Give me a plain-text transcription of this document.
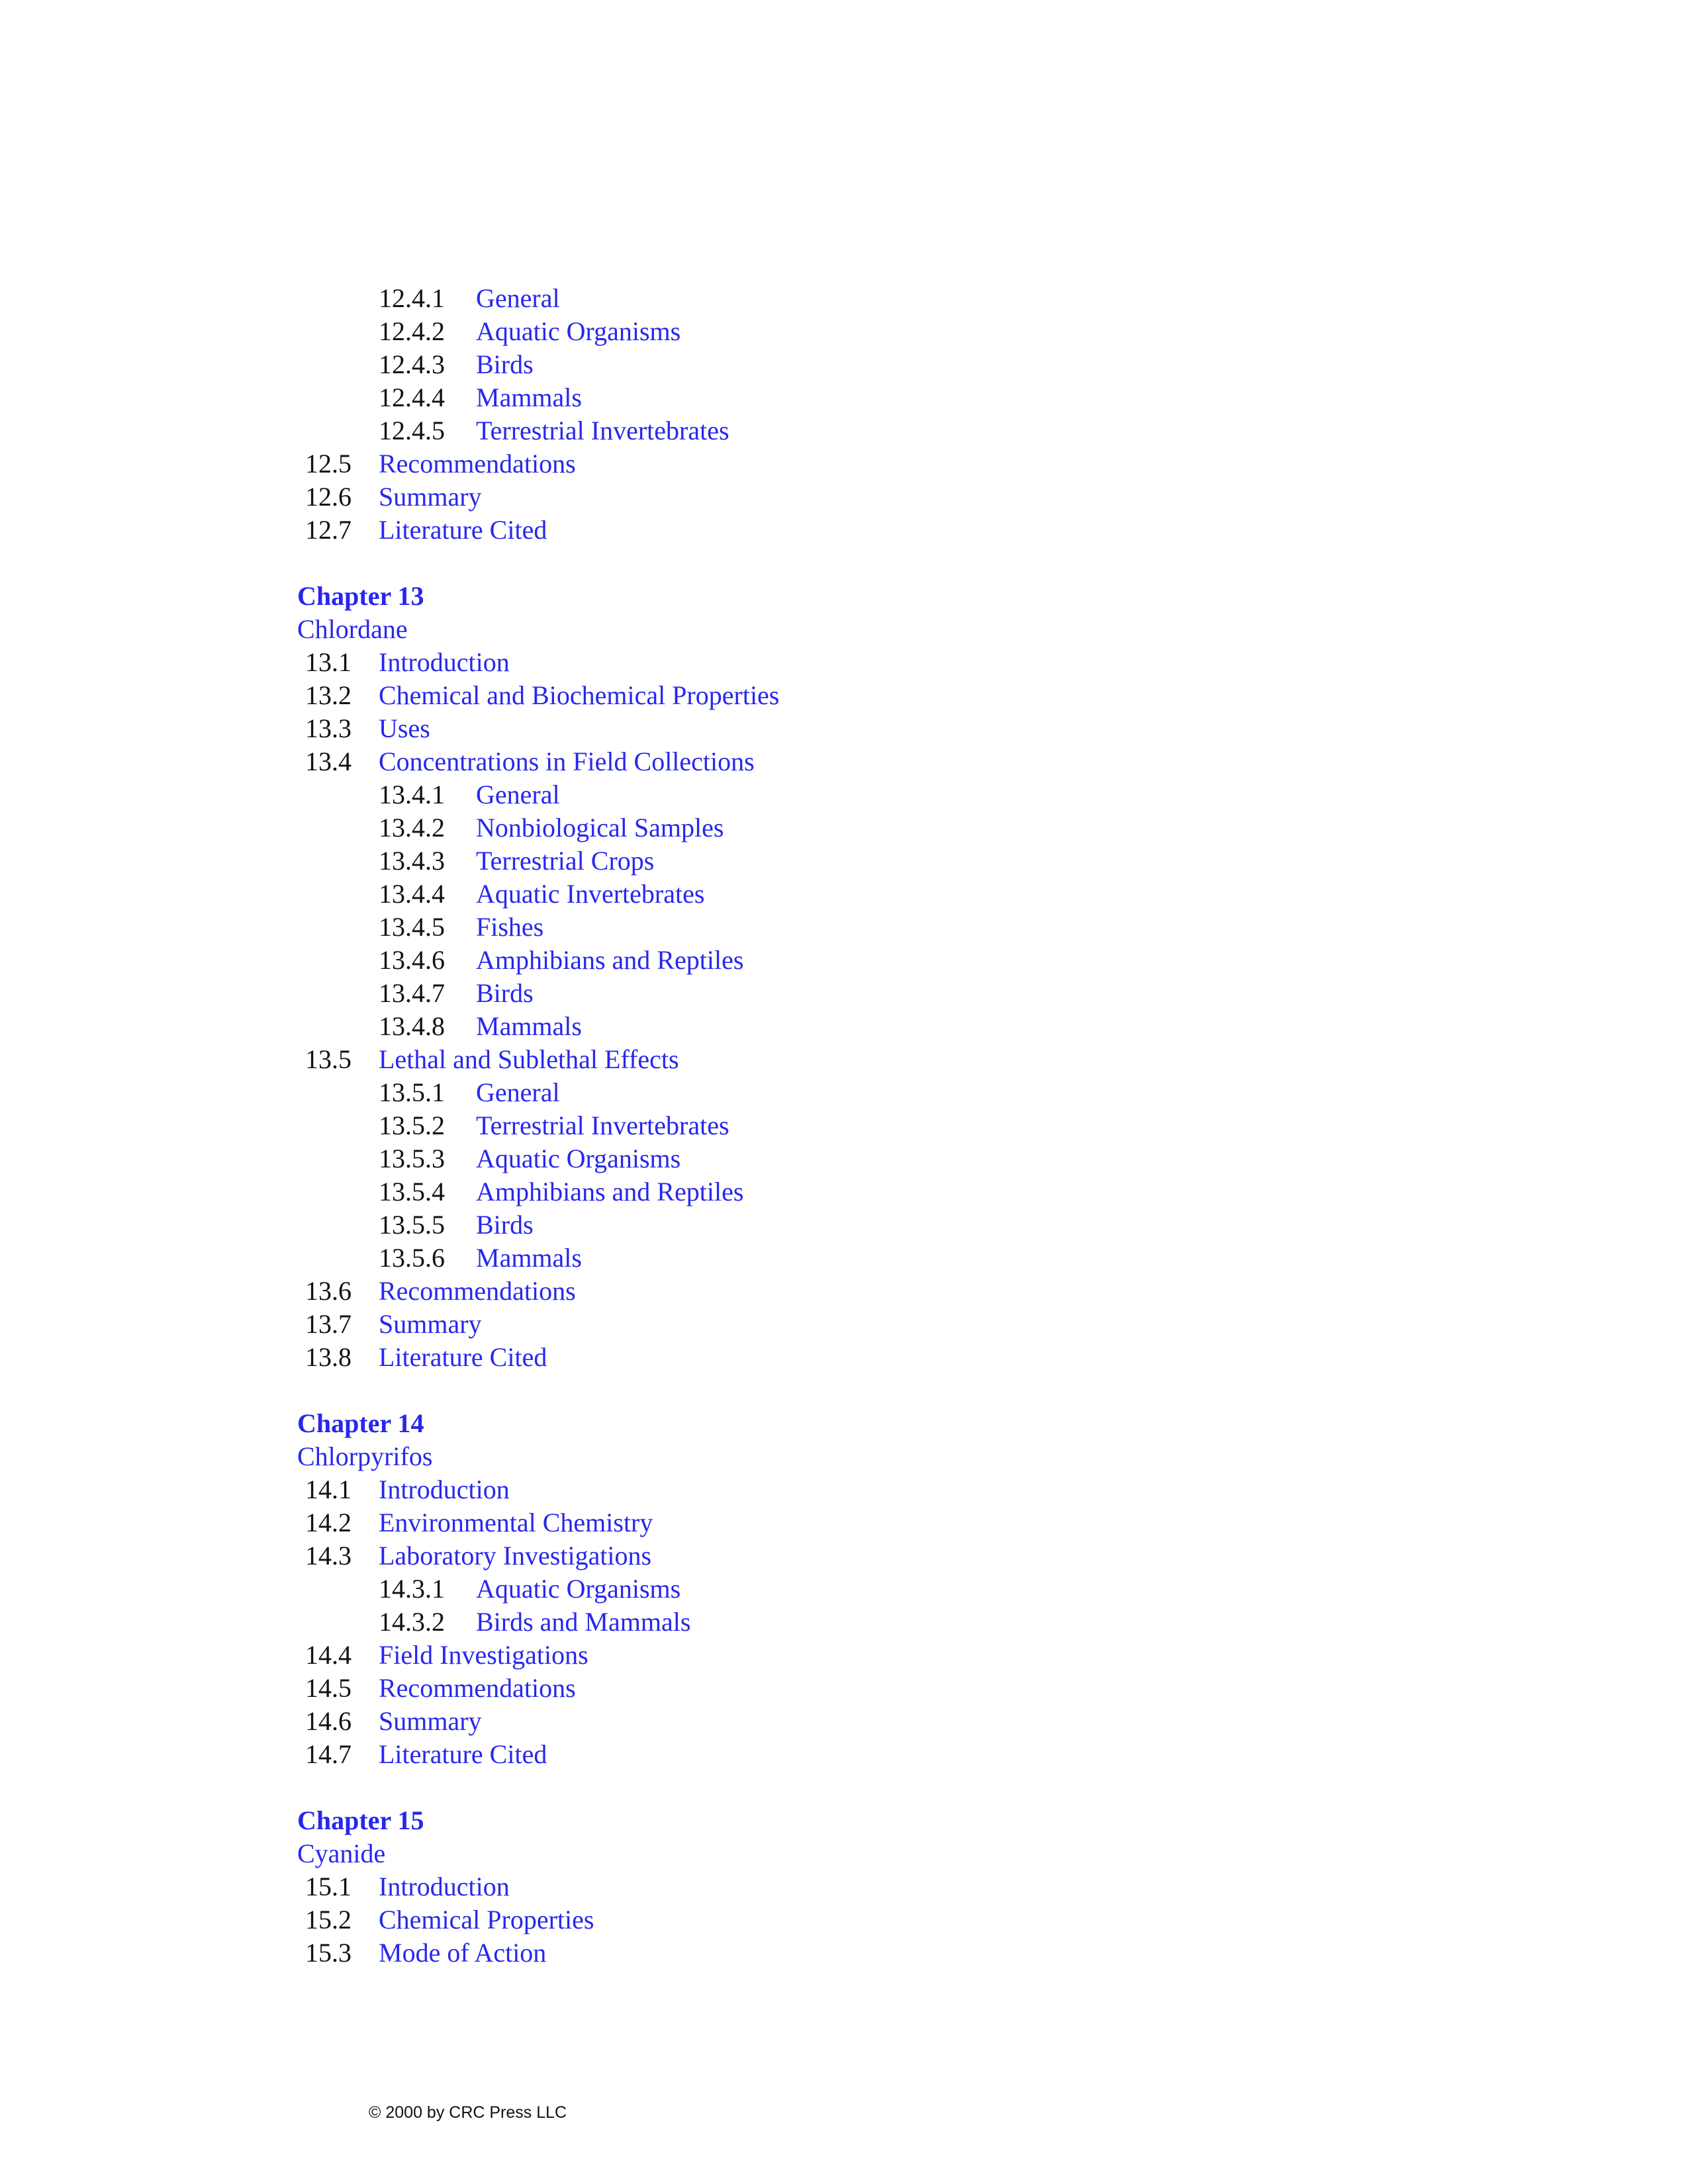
12.4.1 General
12.4.2 Aquatic Organisms
12.4.3 Birds
12.4.4 Mammals
12.4.5 Terrestrial Invertebrates
12.5 Recommendations
12.6 Summary
12.7 Literature Cited
Chapter 13
Chlordane
13.1 Introduction
13.2 Chemical and Biochemical Properties
13.3 Uses
13.4 Concentrations in Field Collections
13.4.1 General
13.4.2 Nonbiological Samples
13.4.3 Terrestrial Crops
13.4.4 Aquatic Invertebrates
13.4.5 Fishes
13.4.6 Amphibians and Reptiles
13.4.7 Birds
13.4.8 Mammals
13.5 Lethal and Sublethal Effects
13.5.1 General
13.5.2 Terrestrial Invertebrates
13.5.3 Aquatic Organisms
13.5.4 Amphibians and Reptiles
13.5.5 Birds
13.5.6 Mammals
13.6 Recommendations
13.7 Summary
13.8 Literature Cited
Chapter 14
Chlorpyrifos
14.1 Introduction
14.2 Environmental Chemistry
14.3 Laboratory Investigations
14.3.1 Aquatic Organisms
14.3.2 Birds and Mammals
14.4 Field Investigations
14.5 Recommendations
14.6 Summary
14.7 Literature Cited
Chapter 15
Cyanide
15.1 Introduction
15.2 Chemical Properties
15.3 Mode of Action
© 2000 by CRC Press LLC
